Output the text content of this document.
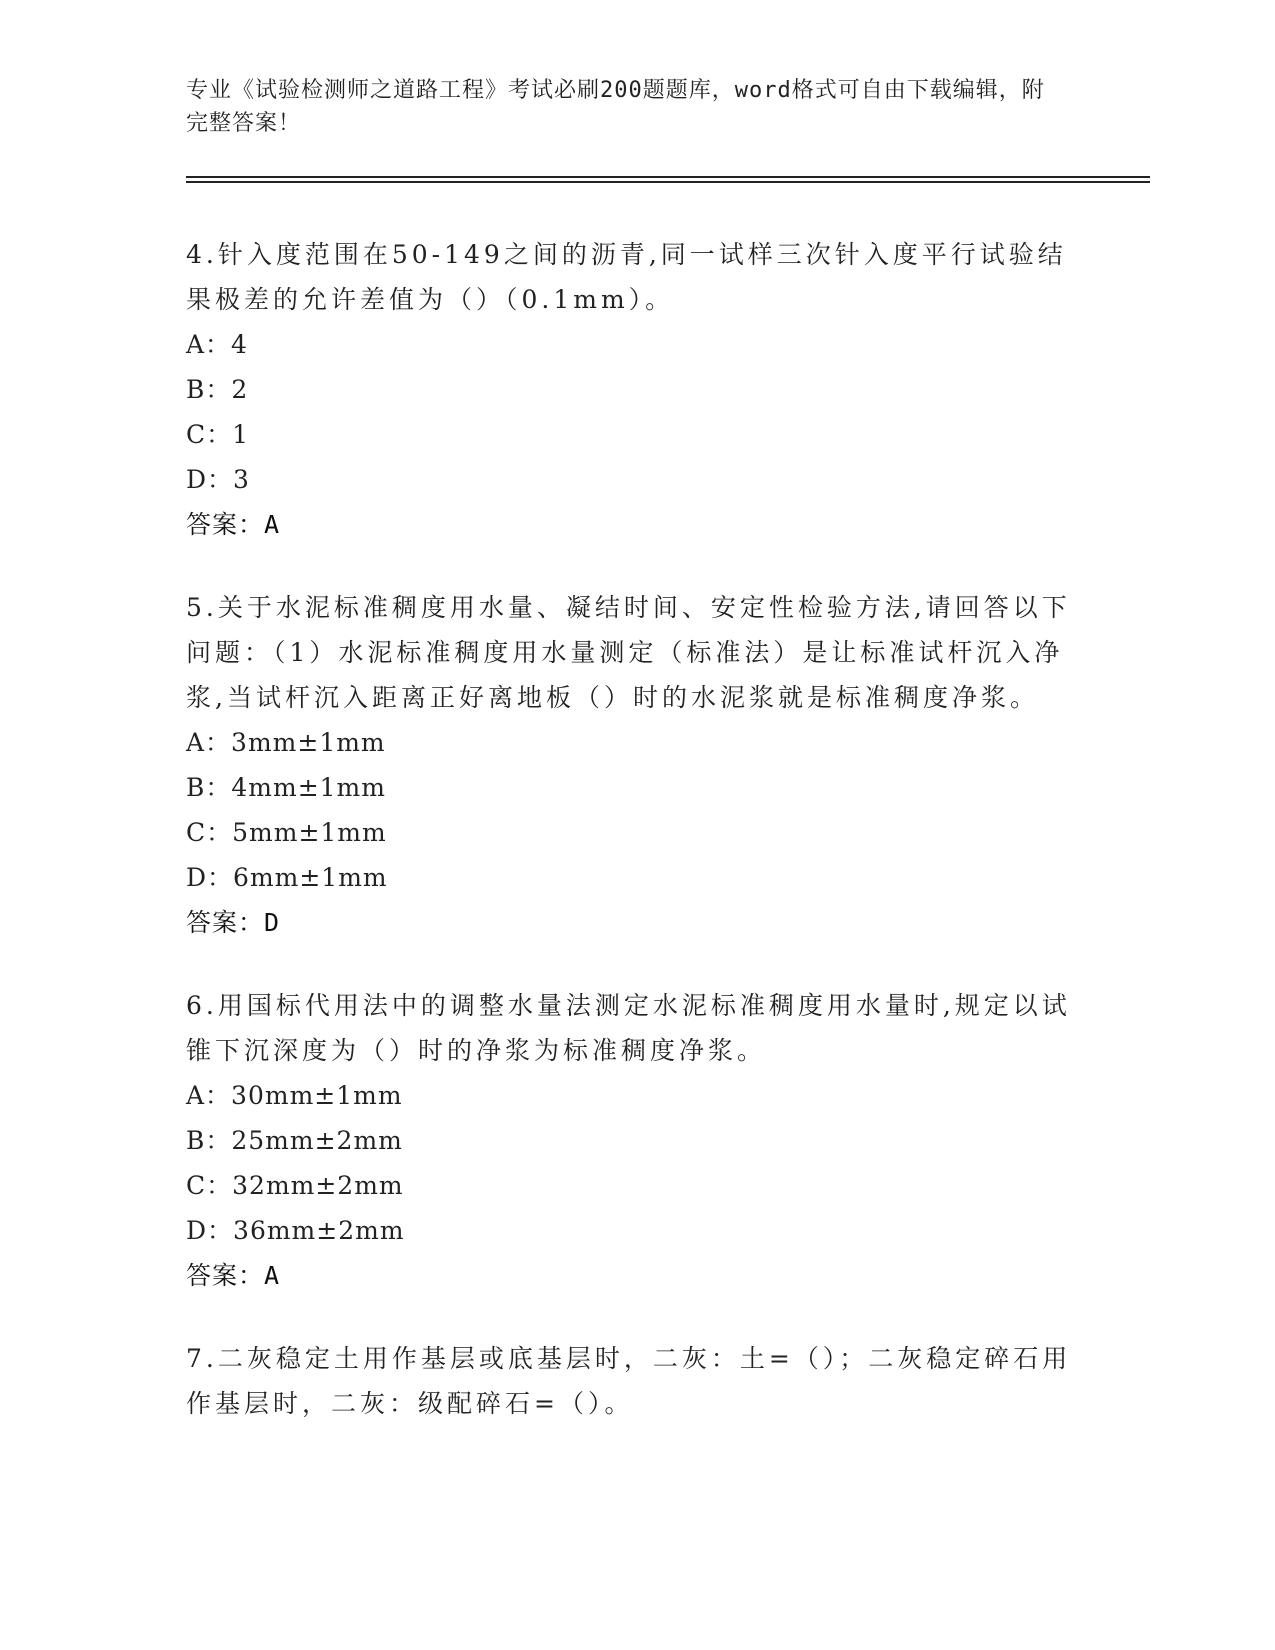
专业《试验检测师之道路工程》考试必刷200题题库，word格式可自由下载编辑，附完整答案！

4.针入度范围在50-149之间的沥青,同一试样三次针入度平行试验结果极差的允许差值为（）（0.1mm）。

A：4

B：2

C：1

D：3

答案：A

5.关于水泥标准稠度用水量、凝结时间、安定性检验方法,请回答以下问题：（1）水泥标准稠度用水量测定（标准法）是让标准试杆沉入净浆,当试杆沉入距离正好离地板（）时的水泥浆就是标准稠度净浆。

A：3mm±1mm

B：4mm±1mm

C：5mm±1mm

D：6mm±1mm

答案：D

6.用国标代用法中的调整水量法测定水泥标准稠度用水量时,规定以试锥下沉深度为（）时的净浆为标准稠度净浆。

A：30mm±1mm

B：25mm±2mm

C：32mm±2mm

D：36mm±2mm

答案：A

7.二灰稳定土用作基层或底基层时，二灰：土=（）；二灰稳定碎石用作基层时，二灰：级配碎石=（）。
